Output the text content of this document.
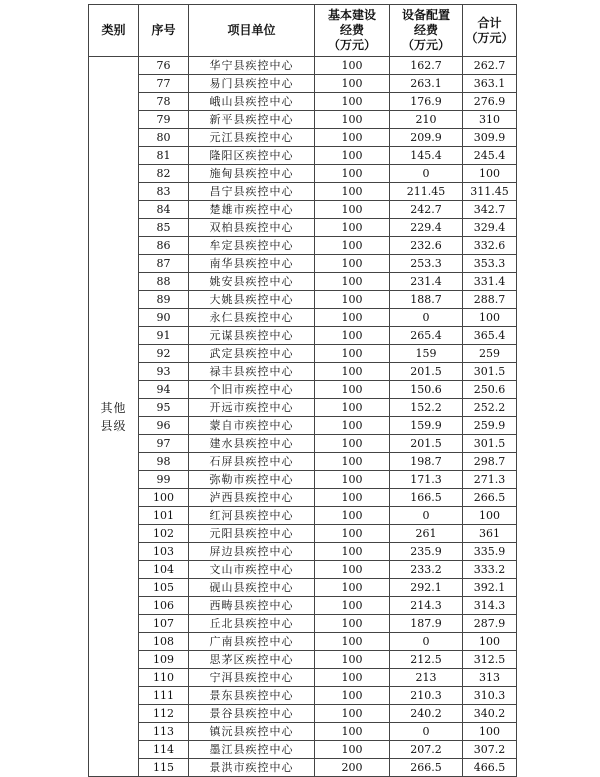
类别	序号	项目单位	基本建设
经费
（万元）	设备配置
经费
（万元）	合计
（万元）
其他
县级	76	华宁县疾控中心	100	162.7	262.7
	77	易门县疾控中心	100	263.1	363.1
	78	峨山县疾控中心	100	176.9	276.9
	79	新平县疾控中心	100	210	310
	80	元江县疾控中心	100	209.9	309.9
	81	隆阳区疾控中心	100	145.4	245.4
	82	施甸县疾控中心	100	0	100
	83	昌宁县疾控中心	100	211.45	311.45
	84	楚雄市疾控中心	100	242.7	342.7
	85	双柏县疾控中心	100	229.4	329.4
	86	牟定县疾控中心	100	232.6	332.6
	87	南华县疾控中心	100	253.3	353.3
	88	姚安县疾控中心	100	231.4	331.4
	89	大姚县疾控中心	100	188.7	288.7
	90	永仁县疾控中心	100	0	100
	91	元谋县疾控中心	100	265.4	365.4
	92	武定县疾控中心	100	159	259
	93	禄丰县疾控中心	100	201.5	301.5
	94	个旧市疾控中心	100	150.6	250.6
	95	开远市疾控中心	100	152.2	252.2
	96	蒙自市疾控中心	100	159.9	259.9
	97	建水县疾控中心	100	201.5	301.5
	98	石屏县疾控中心	100	198.7	298.7
	99	弥勒市疾控中心	100	171.3	271.3
	100	泸西县疾控中心	100	166.5	266.5
	101	红河县疾控中心	100	0	100
	102	元阳县疾控中心	100	261	361
	103	屏边县疾控中心	100	235.9	335.9
	104	文山市疾控中心	100	233.2	333.2
	105	砚山县疾控中心	100	292.1	392.1
	106	西畴县疾控中心	100	214.3	314.3
	107	丘北县疾控中心	100	187.9	287.9
	108	广南县疾控中心	100	0	100
	109	思茅区疾控中心	100	212.5	312.5
	110	宁洱县疾控中心	100	213	313
	111	景东县疾控中心	100	210.3	310.3
	112	景谷县疾控中心	100	240.2	340.2
	113	镇沅县疾控中心	100	0	100
	114	墨江县疾控中心	100	207.2	307.2
	115	景洪市疾控中心	200	266.5	466.5
